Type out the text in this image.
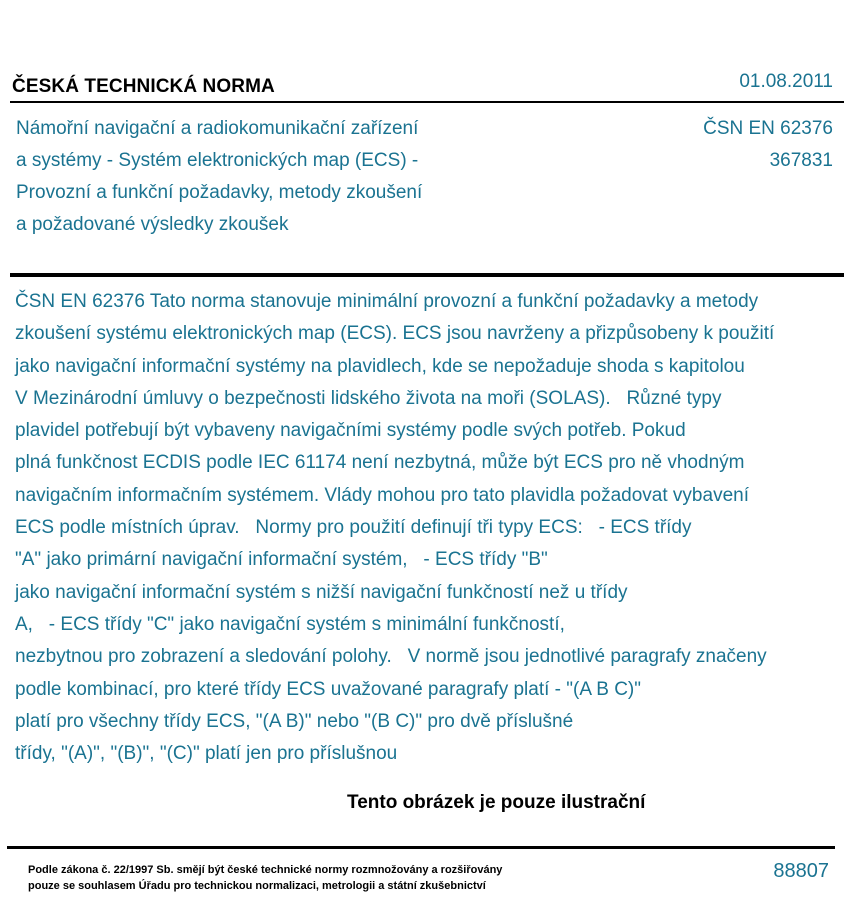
ČESKÁ TECHNICKÁ NORMA	01.08.2011
Námořní navigační a radiokomunikační zařízení
a systémy - Systém elektronických map (ECS) -
Provozní a funkční požadavky, metody zkoušení
a požadované výsledky zkoušek
ČSN EN 62376
367831
ČSN EN 62376 Tato norma stanovuje minimální provozní a funkční požadavky a metody
zkoušení systému elektronických map (ECS). ECS jsou navrženy a přizpůsobeny k použití
jako navigační informační systémy na plavidlech, kde se nepožaduje shoda s kapitolou
V Mezinárodní úmluvy o bezpečnosti lidského života na moři (SOLAS).   Různé typy
plavidel potřebují být vybaveny navigačními systémy podle svých potřeb. Pokud
plná funkčnost ECDIS podle IEC 61174 není nezbytná, může být ECS pro ně vhodným
navigačním informačním systémem. Vlády mohou pro tato plavidla požadovat vybavení
ECS podle místních úprav.   Normy pro použití definují tři typy ECS:   - ECS třídy
"A" jako primární navigační informační systém,   - ECS třídy "B"
jako navigační informační systém s nižší navigační funkčností než u třídy
A,   - ECS třídy "C" jako navigační systém s minimální funkčností,
nezbytnou pro zobrazení a sledování polohy.   V normě jsou jednotlivé paragrafy značeny
podle kombinací, pro které třídy ECS uvažované paragrafy platí - "(A B C)"
platí pro všechny třídy ECS, "(A B)" nebo "(B C)" pro dvě příslušné
třídy, "(A)", "(B)", "(C)" platí jen pro příslušnou
Tento obrázek je pouze ilustrační
Podle zákona č. 22/1997 Sb. smějí být české technické normy rozmnožovány a rozšiřovány
pouze se souhlasem Úřadu pro technickou normalizaci, metrologii a státní zkušebnictví
88807
